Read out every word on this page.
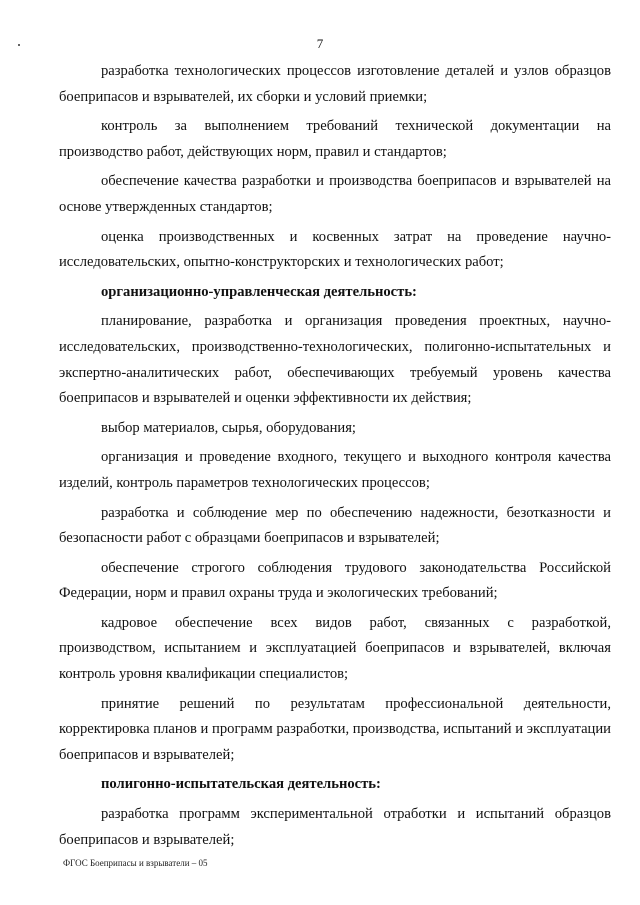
7

разработка технологических процессов изготовление деталей и узлов образцов боеприпасов и взрывателей, их сборки и условий приемки;

контроль за выполнением требований технической документации на производство работ, действующих норм, правил и стандартов;

обеспечение качества разработки и производства боеприпасов и взрывателей на основе утвержденных стандартов;

оценка производственных и косвенных затрат на проведение научно-исследовательских, опытно-конструкторских и технологических работ;

организационно-управленческая деятельность:

планирование, разработка и организация проведения проектных, научно-исследовательских, производственно-технологических, полигонно-испытательных и экспертно-аналитических работ, обеспечивающих требуемый уровень качества боеприпасов и взрывателей и оценки эффективности их действия;

выбор материалов, сырья, оборудования;

организация и проведение входного, текущего и выходного контроля качества изделий, контроль параметров технологических процессов;

разработка и соблюдение мер по обеспечению надежности, безотказности и безопасности работ с образцами боеприпасов и взрывателей;

обеспечение строгого соблюдения трудового законодательства Российской Федерации, норм и правил охраны труда и экологических требований;

кадровое обеспечение всех видов работ, связанных с разработкой, производством, испытанием и эксплуатацией боеприпасов и взрывателей, включая контроль уровня квалификации специалистов;

принятие решений по результатам профессиональной деятельности, корректировка планов и программ разработки, производства, испытаний и эксплуатации боеприпасов и взрывателей;

полигонно-испытательская деятельность:

разработка программ экспериментальной отработки и испытаний образцов боеприпасов и взрывателей;

ФГОС Боеприпасы и взрыватели – 05
